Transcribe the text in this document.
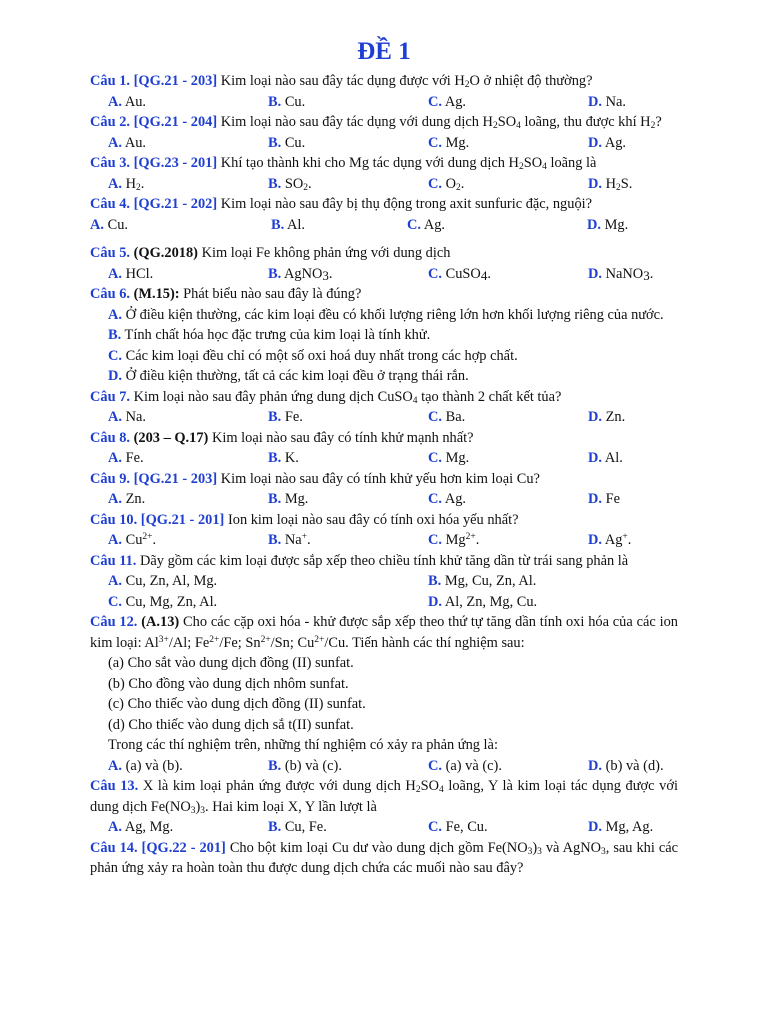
ĐỀ 1
Câu 1. [QG.21 - 203] Kim loại nào sau đây tác dụng được với $H_2O$ ở nhiệt độ thường?
A. Au.	B. Cu.	C. Ag.	D. Na.
Câu 2. [QG.21 - 204] Kim loại nào sau đây tác dụng với dung dịch $H_2SO_4$ loãng, thu được khí $H_2$?
A. Au.	B. Cu.	C. Mg.	D. Ag.
Câu 3. [QG.23 - 201] Khí tạo thành khi cho Mg tác dụng với dung dịch $H_2SO_4$ loãng là
A. $H_2$.	B. $SO_2$.	C. $O_2$.	D. $H_2S$.
Câu 4. [QG.21 - 202] Kim loại nào sau đây bị thụ động trong axit sunfuric đặc, nguội?
A. Cu.	B. Al.	C. Ag.	D. Mg.
Câu 5. (QG.2018) Kim loại Fe không phản ứng với dung dịch
A. HCl.	B. AgNO3.	C. CuSO4.	D. NaNO3.
Câu 6. (M.15): Phát biểu nào sau đây là đúng?
A. Ở điều kiện thường, các kim loại đều có khối lượng riêng lớn hơn khối lượng riêng của nước.
B. Tính chất hóa học đặc trưng của kim loại là tính khử.
C. Các kim loại đều chỉ có một số oxi hoá duy nhất trong các hợp chất.
D. Ở điều kiện thường, tất cả các kim loại đều ở trạng thái rắn.
Câu 7. Kim loại nào sau đây phản ứng dung dịch CuSO$_4$ tạo thành 2 chất kết tủa?
A. Na.	B. Fe.	C. Ba.	D. Zn.
Câu 8. (203 – Q.17) Kim loại nào sau đây có tính khử mạnh nhất?
A. Fe.	B. K.	C. Mg.	D. Al.
Câu 9. [QG.21 - 203] Kim loại nào sau đây có tính khử yếu hơn kim loại Cu?
A. Zn.	B. Mg.	C. Ag.	D. Fe
Câu 10. [QG.21 - 201] Ion kim loại nào sau đây có tính oxi hóa yếu nhất?
A. $Cu^{2+}$.	B. Na+.	C. $Mg^{2+}$.	D. Ag+.
Câu 11. Dãy gồm các kim loại được sắp xếp theo chiều tính khử tăng dần từ trái sang phản là
A. Cu, Zn, Al, Mg.	B. Mg, Cu, Zn, Al.
C. Cu, Mg, Zn, Al.	D. Al, Zn, Mg, Cu.
Câu 12. (A.13) Cho các cặp oxi hóa - khử được sắp xếp theo thứ tự tăng dần tính oxi hóa của các ion kim loại: $Al^{3+}/Al$; $Fe^{2+}/Fe$; $Sn^{2+}/Sn$; $Cu^{2+}/Cu$. Tiến hành các thí nghiệm sau:
(a) Cho sắt vào dung dịch đồng (II) sunfat.
(b) Cho đồng vào dung dịch nhôm sunfat.
(c) Cho thiếc vào dung dịch đồng (II) sunfat.
(d) Cho thiếc vào dung dịch sắ t(II) sunfat.
Trong các thí nghiệm trên, những thí nghiệm có xảy ra phản ứng là:
A. (a) và (b).	B. (b) và (c).	C. (a) và (c).	D. (b) và (d).
Câu 13. X là kim loại phản ứng được với dung dịch $H_2SO_4$ loãng, Y là kim loại tác dụng được với dung dịch $Fe(NO_3)_3$. Hai kim loại X, Y lần lượt là
A. Ag, Mg.	B. Cu, Fe.	C. Fe, Cu.	D. Mg, Ag.
Câu 14. [QG.22 - 201] Cho bột kim loại Cu dư vào dung dịch gồm $Fe(NO_3)_3$ và AgNO$_3$, sau khi các phản ứng xảy ra hoàn toàn thu được dung dịch chứa các muối nào sau đây?
